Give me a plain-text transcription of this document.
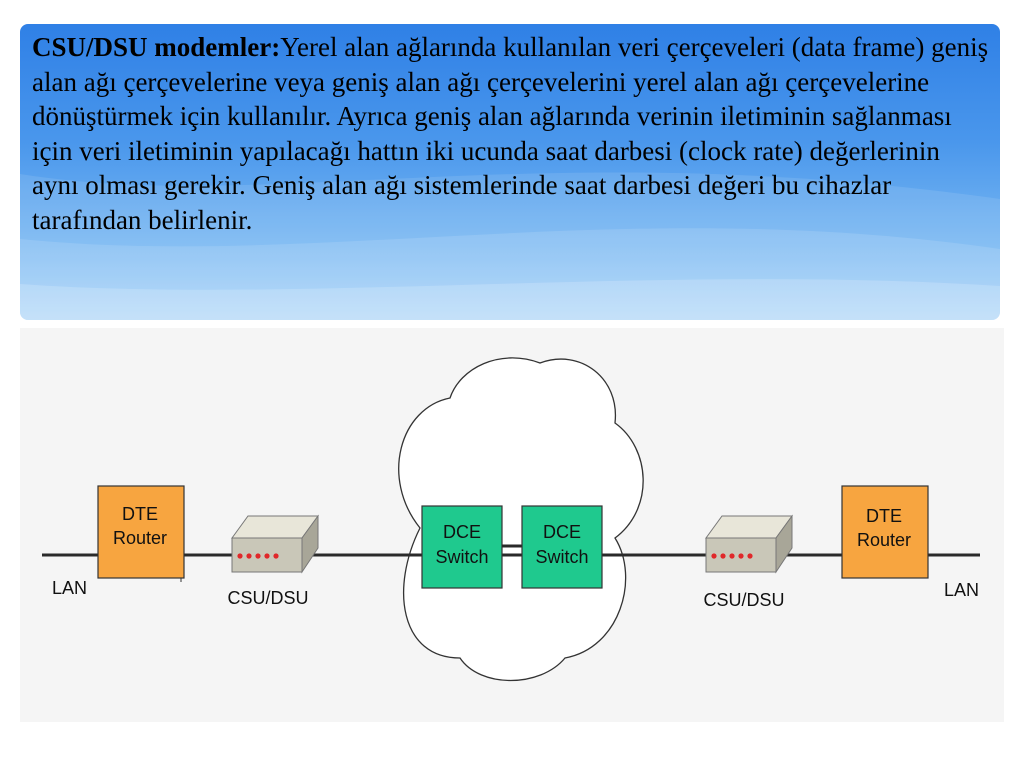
CSU/DSU modemler:Yerel alan ağlarında kullanılan veri çerçeveleri (data frame) geniş alan ağı çerçevelerine veya geniş alan ağı çerçevelerini yerel alan ağı çerçevelerine dönüştürmek için kullanılır. Ayrıca geniş alan ağlarında verinin iletiminin sağlanması için veri iletiminin yapılacağı hattın iki ucunda saat darbesi (clock rate) değerlerinin aynı olması gerekir. Geniş alan ağı sistemlerinde saat darbesi değeri bu cihazlar tarafından belirlenir.
DTE
Router	DCE
Switch
DCE
Switch
DTE
Router
LAN	CSU/DSU	CSU/DSU	LAN
